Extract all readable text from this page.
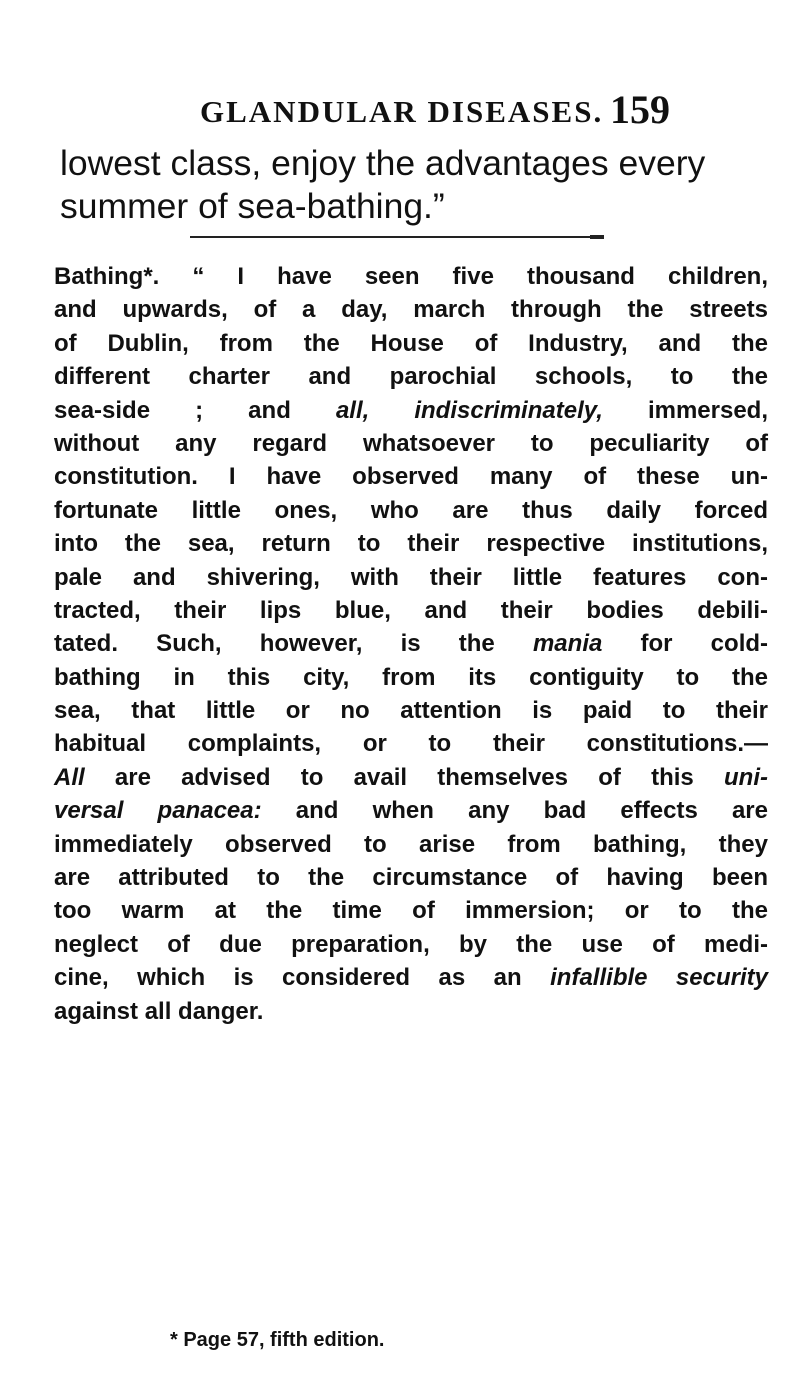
GLANDULAR DISEASES. 159
lowest class, enjoy the advantages every
summer of sea-bathing.”
Bathing*. “ I have seen five thousand children,
and upwards, of a day, march through the streets
of Dublin, from the House of Industry, and the
different charter and parochial schools, to the
sea-side ; and all, indiscriminately, immersed,
without any regard whatsoever to peculiarity of
constitution. I have observed many of these un-
fortunate little ones, who are thus daily forced
into the sea, return to their respective institutions,
pale and shivering, with their little features con-
tracted, their lips blue, and their bodies debili-
tated. Such, however, is the mania for cold-
bathing in this city, from its contiguity to the
sea, that little or no attention is paid to their
habitual complaints, or to their constitutions.—
All are advised to avail themselves of this uni-
versal panacea: and when any bad effects are
immediately observed to arise from bathing, they
are attributed to the circumstance of having been
too warm at the time of immersion; or to the
neglect of due preparation, by the use of medi-
cine, which is considered as an infallible security
against all danger.
* Page 57, fifth edition.
